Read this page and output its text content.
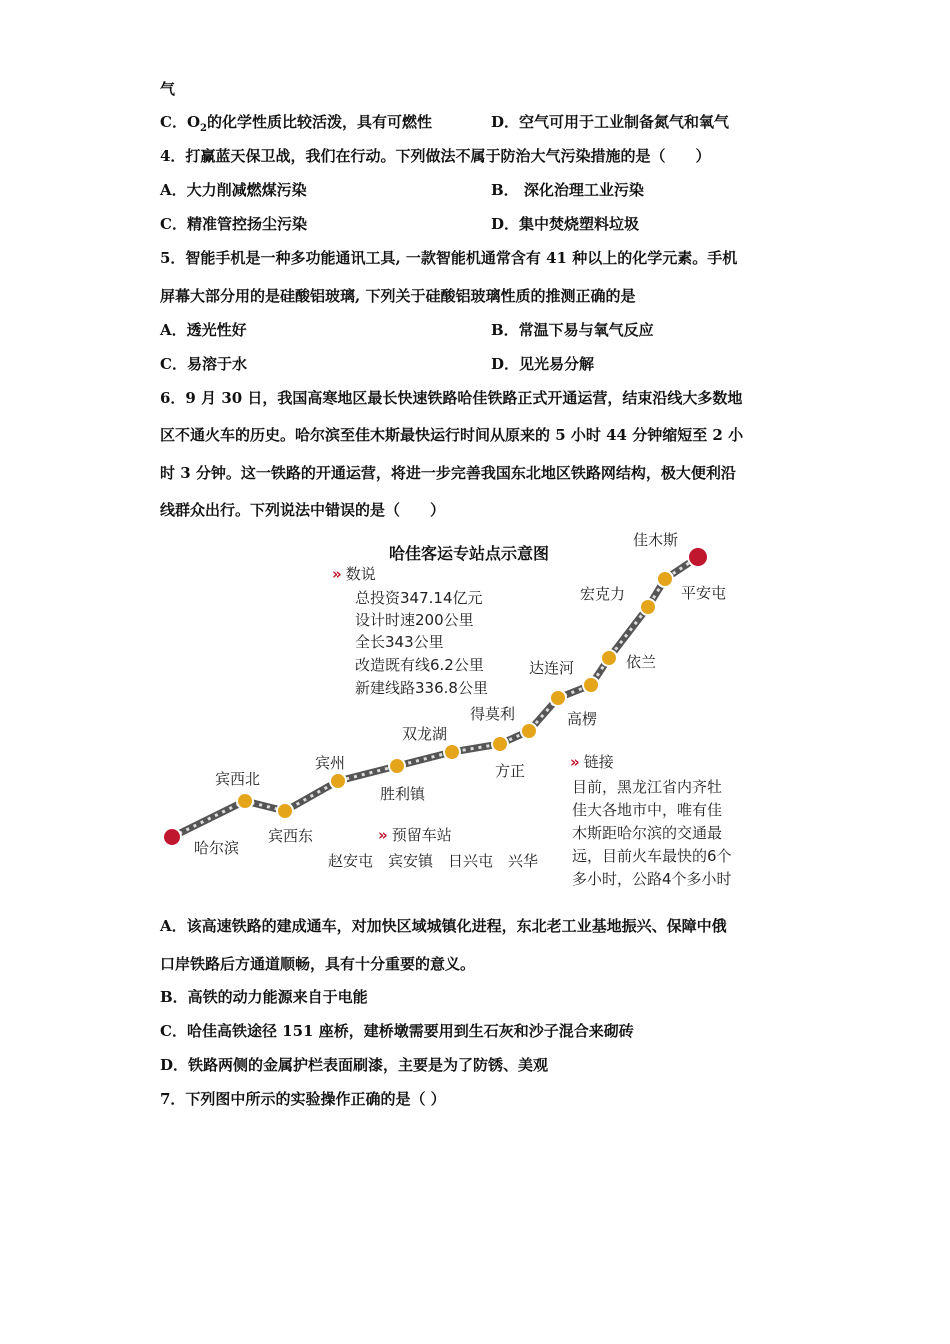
气
C．$O_2$的化学性质比较活泼，具有可燃性	D．空气可用于工业制备氮气和氧气
4．打赢蓝天保卫战，我们在行动。下列做法不属于防治大气污染措施的是（　　）
A．大力削减燃煤污染	B． 深化治理工业污染
C．精准管控扬尘污染	D．集中焚烧塑料垃圾
5．智能手机是一种多功能通讯工具, 一款智能机通常含有 41 种以上的化学元素。手机
屏幕大部分用的是硅酸铝玻璃, 下列关于硅酸铝玻璃性质的推测正确的是
A．透光性好	B．常温下易与氧气反应
C．易溶于水	D．见光易分解
6．9 月 30 日，我国高寒地区最长快速铁路哈佳铁路正式开通运营，结束沿线大多数地
区不通火车的历史。哈尔滨至佳木斯最快运行时间从原来的 5 小时 44 分钟缩短至 2 小
时 3 分钟。这一铁路的开通运营，将进一步完善我国东北地区铁路网结构，极大便利沿
线群众出行。下列说法中错误的是（　　）
哈佳客运专站点示意图
» 数说
总投资347.14亿元
设计时速200公里
全长343公里
改造既有线6.2公里
新建线路336.8公里
佳木斯
平安屯
宏克力
依兰
达连河
高楞
得莫利
方正
双龙湖
胜利镇
宾州
宾西北
宾西东
哈尔滨
» 预留车站
赵安屯　宾安镇　日兴屯　兴华
» 链接
目前，黑龙江省内齐牡
佳大各地市中，唯有佳
木斯距哈尔滨的交通最
远，目前火车最快的6个
多小时，公路4个多小时
A．该高速铁路的建成通车，对加快区域城镇化进程，东北老工业基地振兴、保障中俄
口岸铁路后方通道顺畅，具有十分重要的意义。
B．高铁的动力能源来自于电能
C．哈佳高铁途径 151 座桥，建桥墩需要用到生石灰和沙子混合来砌砖
D．铁路两侧的金属护栏表面刷漆，主要是为了防锈、美观
7．下列图中所示的实验操作正确的是（ ）
